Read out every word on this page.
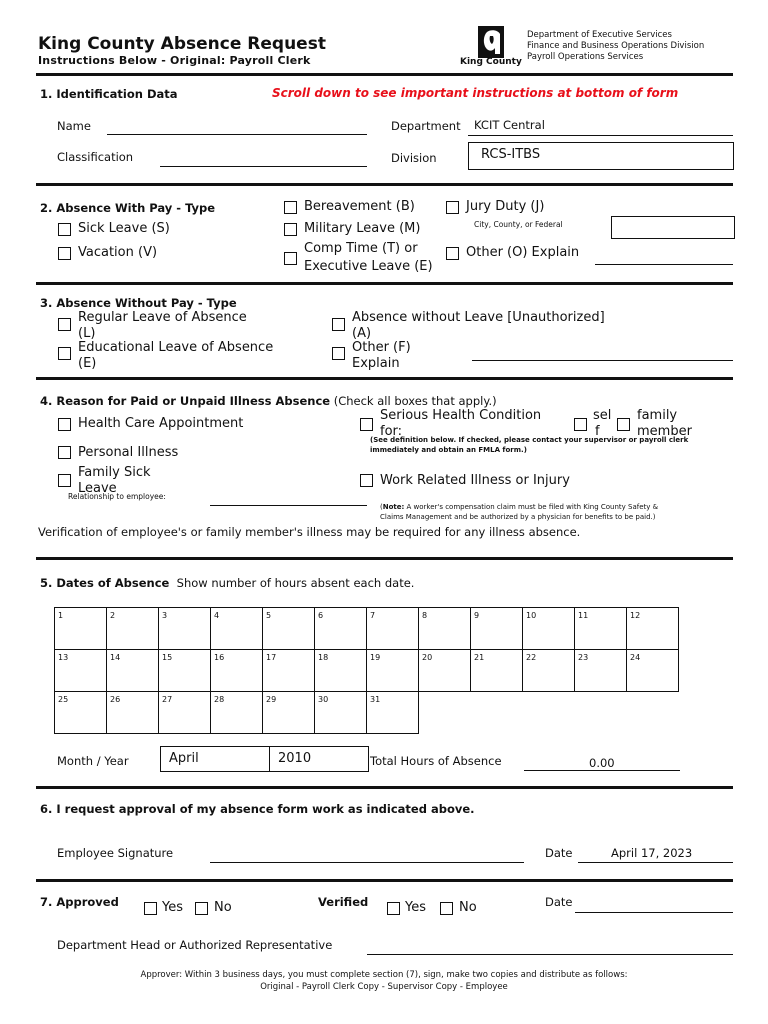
King County Absence Request
Instructions Below - Original: Payroll Clerk	King County
Department of Executive Services
Finance and Business Operations Division
Payroll Operations Services
1. Identification Data	Scroll down to see important instructions at bottom of form
Name
Classification
Department KCIT Central
Division	RCS-ITBS
2. Absence With Pay - Type
Sick Leave (S)
Vacation (V)
Bereavement (B)
Military Leave (M)
Comp Time (T) or
Executive Leave (E)
Jury Duty (J)
City, County, or Federal
Other (O) Explain
3. Absence Without Pay - Type
Regular Leave of Absence
(L)
Educational Leave of Absence
(E)
Absence without Leave [Unauthorized]
(A)
Other (F)
Explain
4. Reason for Paid or Unpaid Illness Absence (Check all boxes that apply.)
Health Care Appointment
Personal Illness
Family Sick
Leave
Relationship to employee:
Serious Health Condition
for:
sel
f
family
member
(See definition below. If checked, please contact your supervisor or payroll clerk
immediately and obtain an FMLA form.)
Work Related Illness or Injury
(Note: A worker's compensation claim must be filed with King County Safety &
Claims Management and be authorized by a physician for benefits to be paid.)
Verification of employee's or family member's illness may be required for any illness absence.
5. Dates of Absence Show number of hours absent each date.
1	2	3	4	5	6	7	8	9	10	11	12
13	14	15	16	17	18	19	20	21	22	23	24
25	26	27	28	29	30	31					
Month / Year	April	2010	Total Hours of Absence	0.00
6. I request approval of my absence form work as indicated above.
Employee Signature	Date	April 17, 2023
7. Approved	Yes No	Verified	Yes	No	Date
Department Head or Authorized Representative
Approver: Within 3 business days, you must complete section (7), sign, make two copies and distribute as follows:
Original - Payroll Clerk Copy - Supervisor Copy - Employee
